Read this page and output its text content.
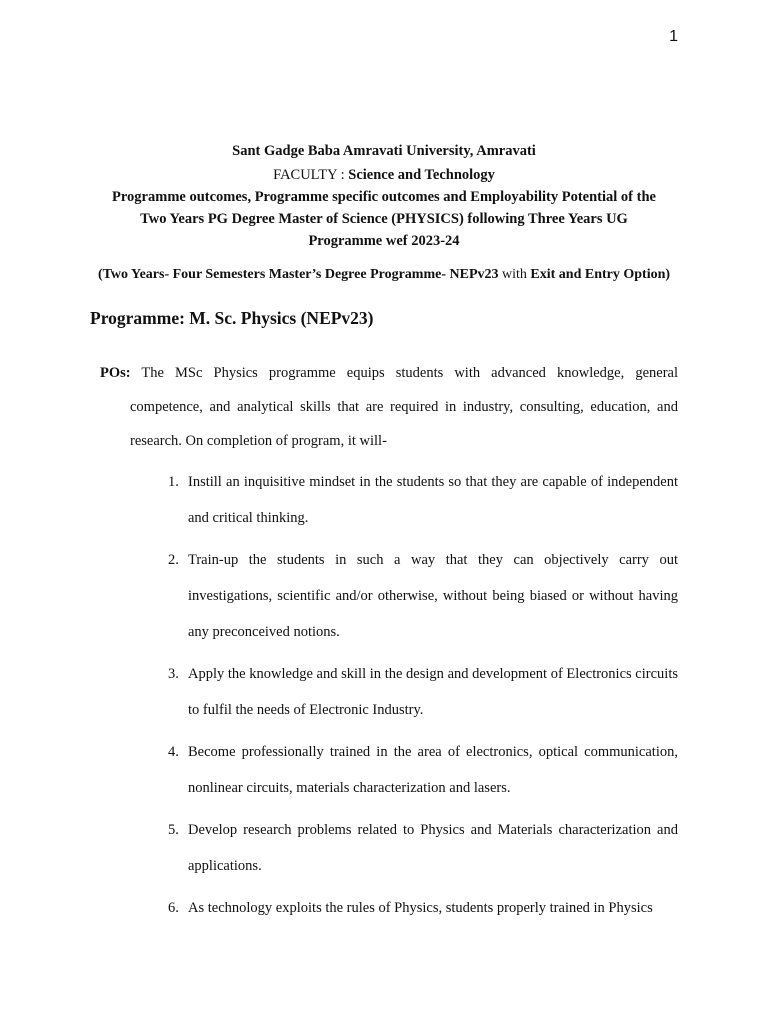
1
Sant Gadge Baba Amravati University, Amravati
FACULTY : Science and Technology
Programme outcomes, Programme specific outcomes and Employability Potential of the
Two Years PG Degree Master of Science (PHYSICS) following Three Years UG
Programme wef 2023-24
(Two Years- Four Semesters Master’s Degree Programme- NEPv23 with Exit and Entry Option)
Programme: M. Sc. Physics (NEPv23)

POs: The MSc Physics programme equips students with advanced knowledge, general competence, and analytical skills that are required in industry, consulting, education, and research. On completion of program, it will-

1. Instill an inquisitive mindset in the students so that they are capable of independent and critical thinking.
2. Train-up the students in such a way that they can objectively carry out investigations, scientific and/or otherwise, without being biased or without having any preconceived notions.
3. Apply the knowledge and skill in the design and development of Electronics circuits to fulfil the needs of Electronic Industry.
4. Become professionally trained in the area of electronics, optical communication, nonlinear circuits, materials characterization and lasers.
5. Develop research problems related to Physics and Materials characterization and applications.
6. As technology exploits the rules of Physics, students properly trained in Physics
